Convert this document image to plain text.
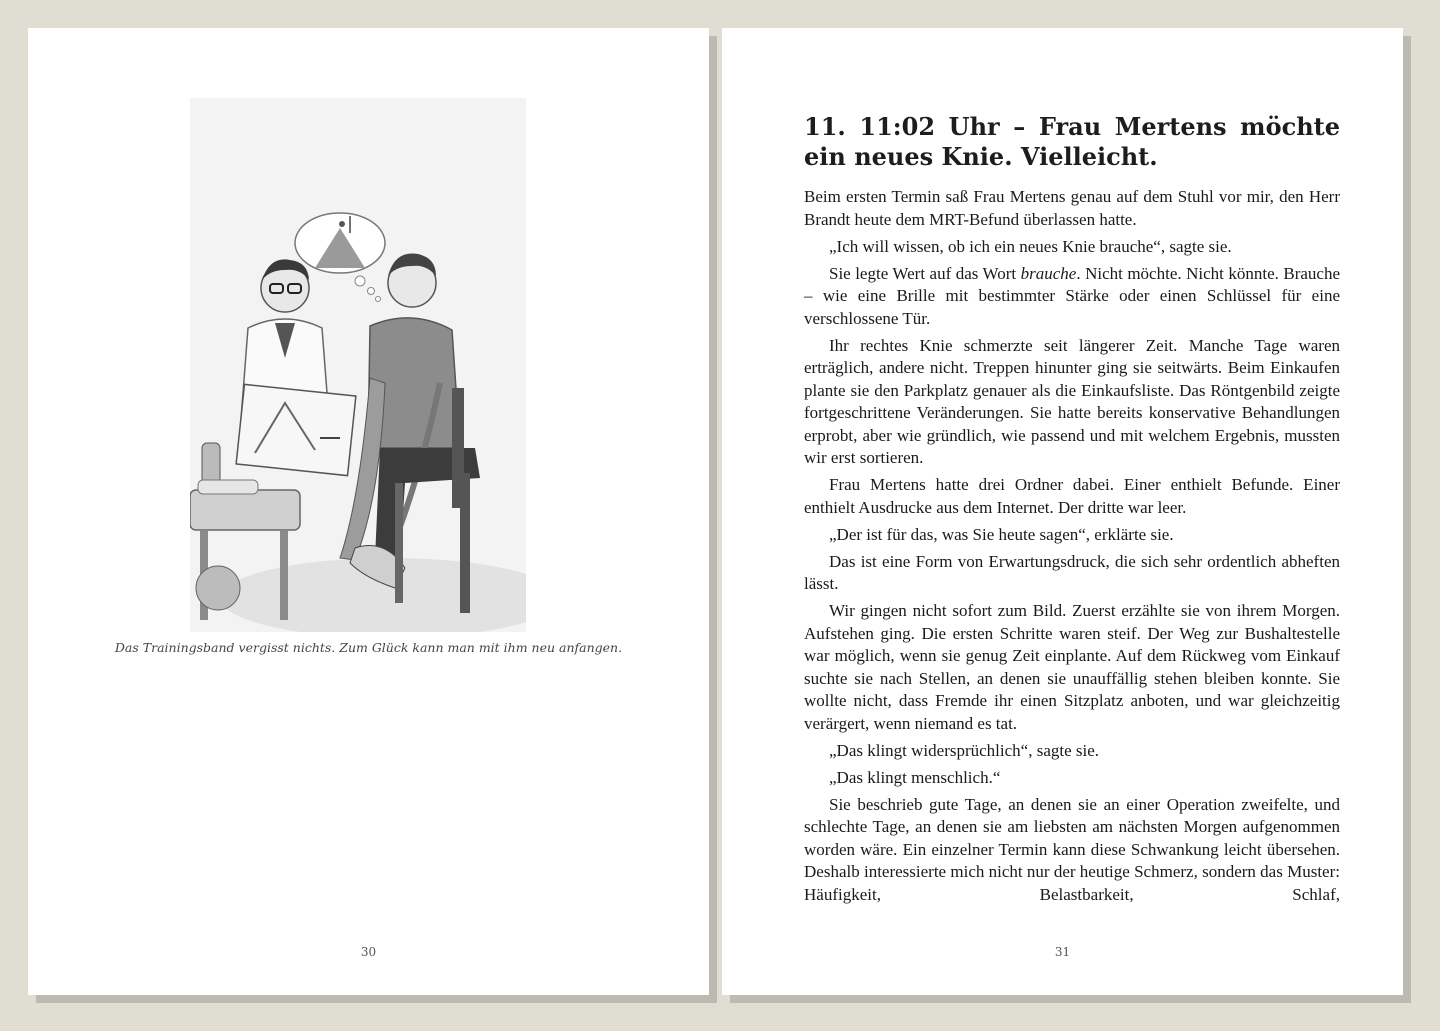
Das Trainingsband vergisst nichts. Zum Glück kann man mit ihm neu anfangen.
30
11. 11:02 Uhr – Frau Mertens möchte ein neues Knie. Vielleicht.

Beim ersten Termin saß Frau Mertens genau auf dem Stuhl vor mir, den Herr Brandt heute dem MRT-Befund überlassen hatte.

„Ich will wissen, ob ich ein neues Knie brauche“, sagte sie.

Sie legte Wert auf das Wort brauche. Nicht möchte. Nicht könnte. Brauche – wie eine Brille mit bestimmter Stärke oder einen Schlüssel für eine verschlossene Tür.

Ihr rechtes Knie schmerzte seit längerer Zeit. Manche Tage waren erträglich, andere nicht. Treppen hinunter ging sie seitwärts. Beim Einkaufen plante sie den Parkplatz genauer als die Einkaufsliste. Das Röntgenbild zeigte fortgeschrittene Veränderungen. Sie hatte bereits konservative Behandlungen erprobt, aber wie gründlich, wie passend und mit welchem Ergebnis, mussten wir erst sortieren.

Frau Mertens hatte drei Ordner dabei. Einer enthielt Befunde. Einer enthielt Ausdrucke aus dem Internet. Der dritte war leer.

„Der ist für das, was Sie heute sagen“, erklärte sie.

Das ist eine Form von Erwartungsdruck, die sich sehr ordentlich abheften lässt.

Wir gingen nicht sofort zum Bild. Zuerst erzählte sie von ihrem Morgen. Aufstehen ging. Die ersten Schritte waren steif. Der Weg zur Bushaltestelle war möglich, wenn sie genug Zeit einplante. Auf dem Rückweg vom Einkauf suchte sie nach Stellen, an denen sie unauffällig stehen bleiben konnte. Sie wollte nicht, dass Fremde ihr einen Sitzplatz anboten, und war gleichzeitig verärgert, wenn niemand es tat.

„Das klingt widersprüchlich“, sagte sie.

„Das klingt menschlich.“

Sie beschrieb gute Tage, an denen sie an einer Operation zweifelte, und schlechte Tage, an denen sie am liebsten am nächsten Morgen aufgenommen worden wäre. Ein einzelner Termin kann diese Schwankung leicht übersehen. Deshalb interessierte mich nicht nur der heutige Schmerz, sondern das Muster: Häufigkeit, Belastbarkeit, Schlaf,

31
